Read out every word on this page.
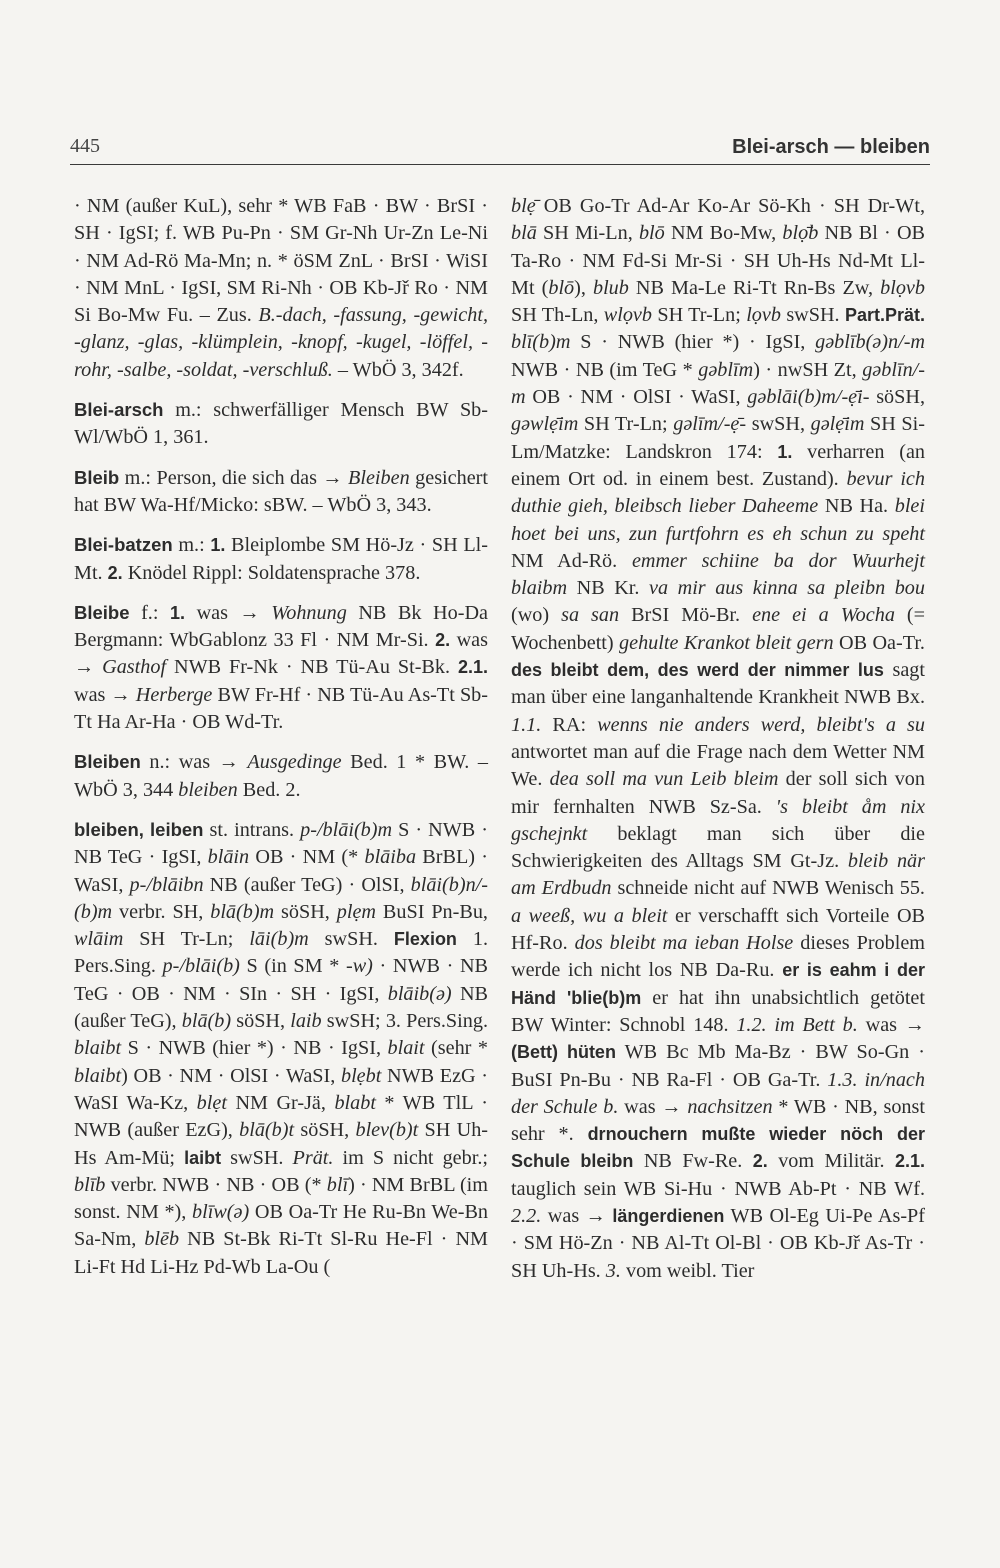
445	Blei-arsch — bleiben

· NM (außer KuL), sehr * WB FaB · BW · BrSI · SH · IgSI; f. WB Pu-Pn · SM Gr-Nh Ur-Zn Le-Ni · NM Ad-Rö Ma-Mn; n. * öSM ZnL · BrSI · WiSI · NM MnL · IgSI, SM Ri-Nh · OB Kb-Jř Ro · NM Si Bo-Mw Fu. – Zus. B.-dach, -fassung, -gewicht, -glanz, -glas, -klümplein, -knopf, -kugel, -löffel, -rohr, -salbe, -soldat, -verschluß. – WbÖ 3, 342f.

Blei-arsch m.: schwerfälliger Mensch BW Sb-Wl/WbÖ 1, 361.

Bleib m.: Person, die sich das → Bleiben gesichert hat BW Wa-Hf/Micko: sBW. – WbÖ 3, 343.

Blei-batzen m.: 1. Bleiplombe SM Hö-Jz · SH Ll-Mt. 2. Knödel Rippl: Soldatensprache 378.

Bleibe f.: 1. was → Wohnung NB Bk Ho-Da Bergmann: WbGablonz 33 Fl · NM Mr-Si. 2. was → Gasthof NWB Fr-Nk · NB Tü-Au St-Bk. 2.1. was → Herberge BW Fr-Hf · NB Tü-Au As-Tt Sb-Tt Ha Ar-Ha · OB Wd-Tr.

Bleiben n.: was → Ausgedinge Bed. 1 * BW. – WbÖ 3, 344 bleiben Bed. 2.

bleiben, leiben st. intrans. p-/blāi(b)m S · NWB · NB TeG · IgSI, blāin OB · NM (* blāiba BrBL) · WaSI, p-/blāibn NB (außer TeG) · OlSI, blāi(b)n/-(b)m verbr. SH, blā(b)m söSH, plẹm BuSI Pn-Bu, wlāim SH Tr-Ln; lāi(b)m swSH. Flexion 1. Pers.Sing. p-/blāi(b) S (in SM * -w) · NWB · NB TeG · OB · NM · SIn · SH · IgSI, blāib(ə) NB (außer TeG), blā(b) söSH, laib swSH; 3. Pers.Sing. blaibt S · NWB (hier *) · NB · IgSI, blait (sehr * blaibt) OB · NM · OlSI · WaSI, blẹbt NWB EzG · WaSI Wa-Kz, blẹt NM Gr-Jä, blabt * WB TlL · NWB (außer EzG), blā(b)t söSH, blev(b)t SH Uh-Hs Am-Mü; laibt swSH. Prät. im S nicht gebr.; blīb verbr. NWB · NB · OB (* blī) · NM BrBL (im sonst. NM *), blīw(ə) OB Oa-Tr He Ru-Bn We-Bn Sa-Nm, blēb NB St-Bk Ri-Tt Sl-Ru He-Fl · NM Li-Ft Hd Li-Hz Pd-Wb La-Ou (

blẹ̄ OB Go-Tr Ad-Ar Ko-Ar Sö-Kh · SH Dr-Wt, blā SH Mi-Ln, blō NM Bo-Mw, blọ̄b NB Bl · OB Ta-Ro · NM Fd-Si Mr-Si · SH Uh-Hs Nd-Mt Ll-Mt (blō), blub NB Ma-Le Ri-Tt Rn-Bs Zw, blọvb SH Th-Ln, wlọvb SH Tr-Ln; lọvb swSH. Part.Prät. blī(b)m S · NWB (hier *) · IgSI, gəblīb(ə)n/-m NWB · NB (im TeG * gəblīm) · nwSH Zt, gəblīn/-m OB · NM · OlSI · WaSI, gəblāi(b)m/-ẹ̄i- söSH, gəwlẹ̄im SH Tr-Ln; gəlīm/-ẹ̄- swSH, gəlẹ̄im SH Si-Lm/Matzke: Landskron 174: 1. verharren (an einem Ort od. in einem best. Zustand). bevur ich duthie gieh, bleibsch lieber Daheeme NB Ha. blei hoet bei uns, zun furtfohrn es eh schun zu speht NM Ad-Rö. emmer schiine ba dor Wuurhejt blaibm NB Kr. va mir aus kinna sa pleibn bou (wo) sa san BrSI Mö-Br. ene ei a Wocha (= Wochenbett) gehulte Krankot bleit gern OB Oa-Tr. des bleibt dem, des werd der nimmer lus sagt man über eine langanhaltende Krankheit NWB Bx. 1.1. RA: wenns nie anders werd, bleibt's a su antwortet man auf die Frage nach dem Wetter NM We. dea soll ma vun Leib bleim der soll sich von mir fernhalten NWB Sz-Sa. 's bleibt åm nix gschejnkt beklagt man sich über die Schwierigkeiten des Alltags SM Gt-Jz. bleib när am Erdbudn schneide nicht auf NWB Wenisch 55. a weeß, wu a bleit er verschafft sich Vorteile OB Hf-Ro. dos bleibt ma ieban Holse dieses Problem werde ich nicht los NB Da-Ru. er is eahm i der Händ 'blie(b)m er hat ihn unabsichtlich getötet BW Winter: Schnobl 148. 1.2. im Bett b. was → (Bett) hüten WB Bc Mb Ma-Bz · BW So-Gn · BuSI Pn-Bu · NB Ra-Fl · OB Ga-Tr. 1.3. in/nach der Schule b. was → nachsitzen * WB · NB, sonst sehr *. drnouchern mußte wieder nöch der Schule bleibn NB Fw-Re. 2. vom Militär. 2.1. tauglich sein WB Si-Hu · NWB Ab-Pt · NB Wf. 2.2. was → längerdienen WB Ol-Eg Ui-Pe As-Pf · SM Hö-Zn · NB Al-Tt Ol-Bl · OB Kb-Jř As-Tr · SH Uh-Hs. 3. vom weibl. Tier
